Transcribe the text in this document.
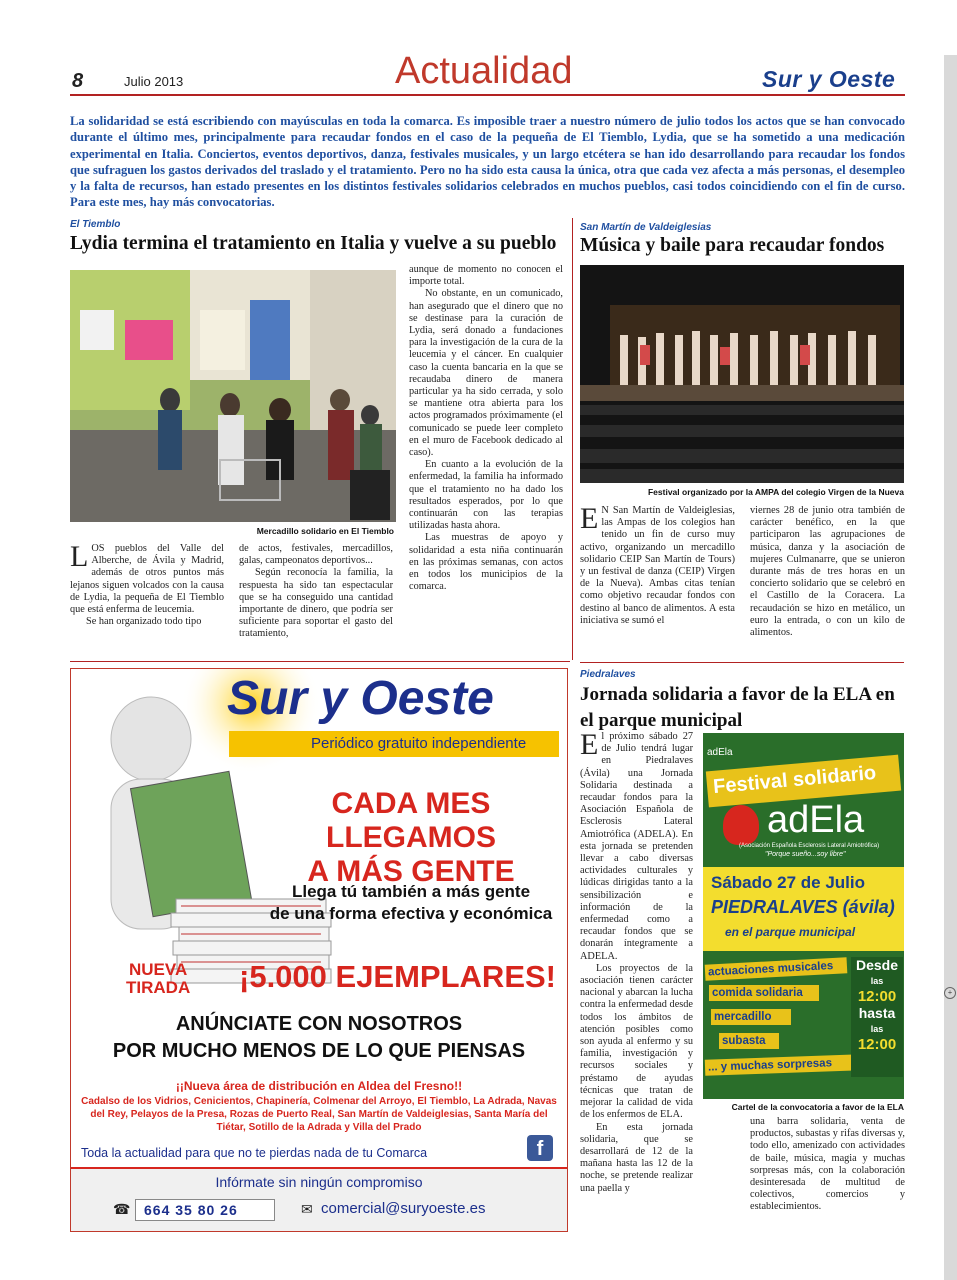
8	Julio 2013	Actualidad	Sur y Oeste
La solidaridad se está escribiendo con mayúsculas en toda la comarca. Es imposible traer a nuestro número de julio todos los actos que se han convocado durante el último mes, principalmente para recaudar fondos en el caso de la pequeña de El Tiemblo, Lydia, que se ha sometido a una medicación experimental en Italia. Conciertos, eventos deportivos, danza, festivales musicales, y un largo etcétera se han ido desarrollando para recaudar los fondos que sufraguen los gastos derivados del traslado y el tratamiento. Pero no ha sido esta causa la única, otra que cada vez afecta a más personas, el desempleo y la falta de recursos, han estado presentes en los distintos festivales solidarios celebrados en muchos pueblos, casi todos coincidiendo con el fin de curso. Para este mes, hay más convocatorias.
El Tiemblo
Lydia termina el tratamiento en Italia y vuelve a su pueblo
Mercadillo solidario en El Tiemblo

LOS pueblos del Valle del Alberche, de Ávila y Madrid, además de otros puntos más lejanos siguen volcados con la causa de Lydia, la pequeña de El Tiemblo que está enferma de leucemia.

Se han organizado todo tipo

de actos, festivales, mercadillos, galas, campeonatos deportivos...

Según reconocía la familia, la respuesta ha sido tan espectacular que se ha conseguido una cantidad importante de dinero, que podría ser suficiente para soportar el gasto del tratamiento,

aunque de momento no conocen el importe total.

No obstante, en un comunicado, han asegurado que el dinero que no se destinase para la curación de Lydia, será donado a fundaciones para la investigación de la cura de la leucemia y el cáncer. En cualquier caso la cuenta bancaria en la que se recaudaba dinero de manera particular ya ha sido cerrada, y solo se mantiene otra abierta para los actos programados próximamente (el comunicado se puede leer completo en el muro de Facebook dedicado al caso).

En cuanto a la evolución de la enfermedad, la familia ha informado que el tratamiento no ha dado los resultados esperados, por lo que continuarán con las terapias utilizadas hasta ahora.

Las muestras de apoyo y solidaridad a esta niña continuarán en las próximas semanas, con actos en todos los municipios de la comarca.

San Martín de Valdeiglesias
Música y baile para recaudar fondos
Festival organizado por la AMPA del colegio Virgen de la Nueva

E N San Martín de Valdeiglesias, las Ampas de los colegios han tenido un fin de curso muy activo, organizando un mercadillo solidario CEIP San Martín de Tours) y un festival de danza (CEIP) Virgen de la Nueva). Ambas citas tenían como objetivo recaudar fondos con destino al banco de alimentos. A esta iniciativa se sumó el

viernes 28 de junio otra también de carácter benéfico, en la que participaron las agrupaciones de música, danza y la asociación de mujeres Culmanarre, que se unieron durante más de tres horas en un concierto solidario que se celebró en el Castillo de la Coracera. La recaudación se hizo en metálico, un euro la entrada, o con un kilo de alimentos.

Sur y Oeste
Periódico gratuito independiente
CADA MES LLEGAMOS
A MÁS GENTE
Llega tú también a más gente
de una forma efectiva y económica
NUEVA
TIRADA ¡5.000 EJEMPLARES!
ANÚNCIATE CON NOSOTROS
POR MUCHO MENOS DE LO QUE PIENSAS
¡¡Nueva área de distribución en Aldea del Fresno!!
Cadalso de los Vidrios, Cenicientos, Chapinería, Colmenar del Arroyo, El Tiemblo, La Adrada, Navas del Rey, Pelayos de la Presa, Rozas de Puerto Real, San Martín de Valdeiglesias, Santa María del Tiétar, Sotillo de la Adrada y Villa del Prado
Toda la actualidad para que no te pierdas nada de tu Comarca	f
Infórmate sin ningún compromiso
☎ 664 35 80 26	✉ comercial@suryoeste.es
Piedralaves
Jornada solidaria a favor de la ELA en el parque municipal

El próximo sábado 27 de Julio tendrá lugar en Piedralaves (Ávila) una Jornada Solidaria destinada a recaudar fondos para la Asociación Española de Esclerosis Lateral Amiotrófica (ADELA). En esta jornada se pretenden llevar a cabo diversas actividades culturales y lúdicas dirigidas tanto a la sensibilización e información de la enfermedad como a recaudar fondos que se donarán íntegramente a ADELA.

Los proyectos de la asociación tienen carácter nacional y abarcan la lucha contra la enfermedad desde todos los ámbitos de atención posibles como son ayuda al enfermo y su familia, investigación y recursos sociales y préstamo de ayudas técnicas que tratan de mejorar la calidad de vida de los enfermos de ELA.

En esta jornada solidaria, que se desarrollará de 12 de la mañana hasta las 12 de la noche, se pretende realizar una paella y

una barra solidaria, venta de productos, subastas y rifas diversas y, todo ello, amenizado con actividades de baile, música, magia y muchas sorpresas más, con la colaboración desinteresada de multitud de colectivos, comercios y establecimientos.

adEla
Festival solidario
adEla
(Asociación Española Esclerosis Lateral Amiotrófica)
"Porque sueño...soy libre"
Sábado 27 de Julio
PIEDRALAVES (ávila)
en el parque municipal
actuaciones musicales
comida solidaria
mercadillo
subasta
... y muchas sorpresas
Desde
las
12:00
hasta
las
12:00
Cartel de la convocatoria a favor de la ELA
+
